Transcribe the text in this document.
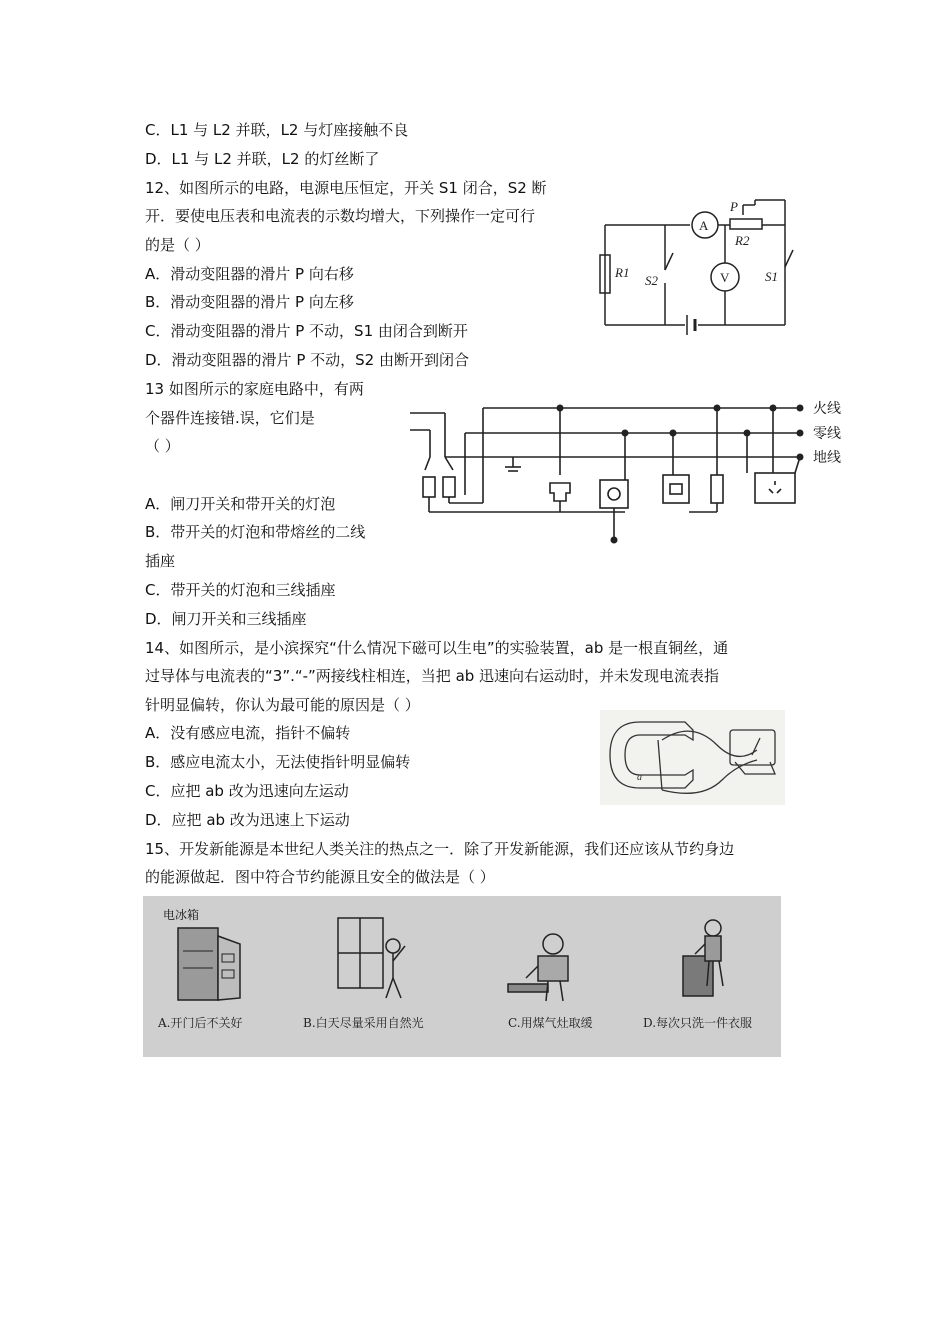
C．L1 与 L2 并联，L2 与灯座接触不良
D．L1 与 L2 并联，L2 的灯丝断了
12、如图所示的电路，电源电压恒定，开关 S1 闭合，S2 断
开．要使电压表和电流表的示数均增大，下列操作一定可行
的是（ ）
A．滑动变阻器的滑片 P 向右移
B．滑动变阻器的滑片 P 向左移
C．滑动变阻器的滑片 P 不动，S1 由闭合到断开
D．滑动变阻器的滑片 P 不动，S2 由断开到闭合
A
V
P
R2
R1
S2	S1
13 如图所示的家庭电路中，有两
个器件连接错.误，它们是
（ ）
A．闸刀开关和带开关的灯泡
B．带开关的灯泡和带熔丝的二线
插座
C．带开关的灯泡和三线插座
D．闸刀开关和三线插座
火线
零线
地线
14、如图所示，是小滨探究“什么情况下磁可以生电”的实验装置，ab 是一根直铜丝，通
过导体与电流表的“3”.“-”两接线柱相连，当把 ab 迅速向右运动时，并未发现电流表指
针明显偏转，你认为最可能的原因是（ ）
A．没有感应电流，指针不偏转
B．感应电流太小，无法使指针明显偏转
C．应把 ab 改为迅速向左运动
D．应把 ab 改为迅速上下运动
a
15、开发新能源是本世纪人类关注的热点之一．除了开发新能源，我们还应该从节约身边
的能源做起．图中符合节约能源且安全的做法是（ ）
电冰箱
A.开门后不关好	B.白天尽量采用自然光	C.用煤气灶取缓	D.每次只洗一件衣服
